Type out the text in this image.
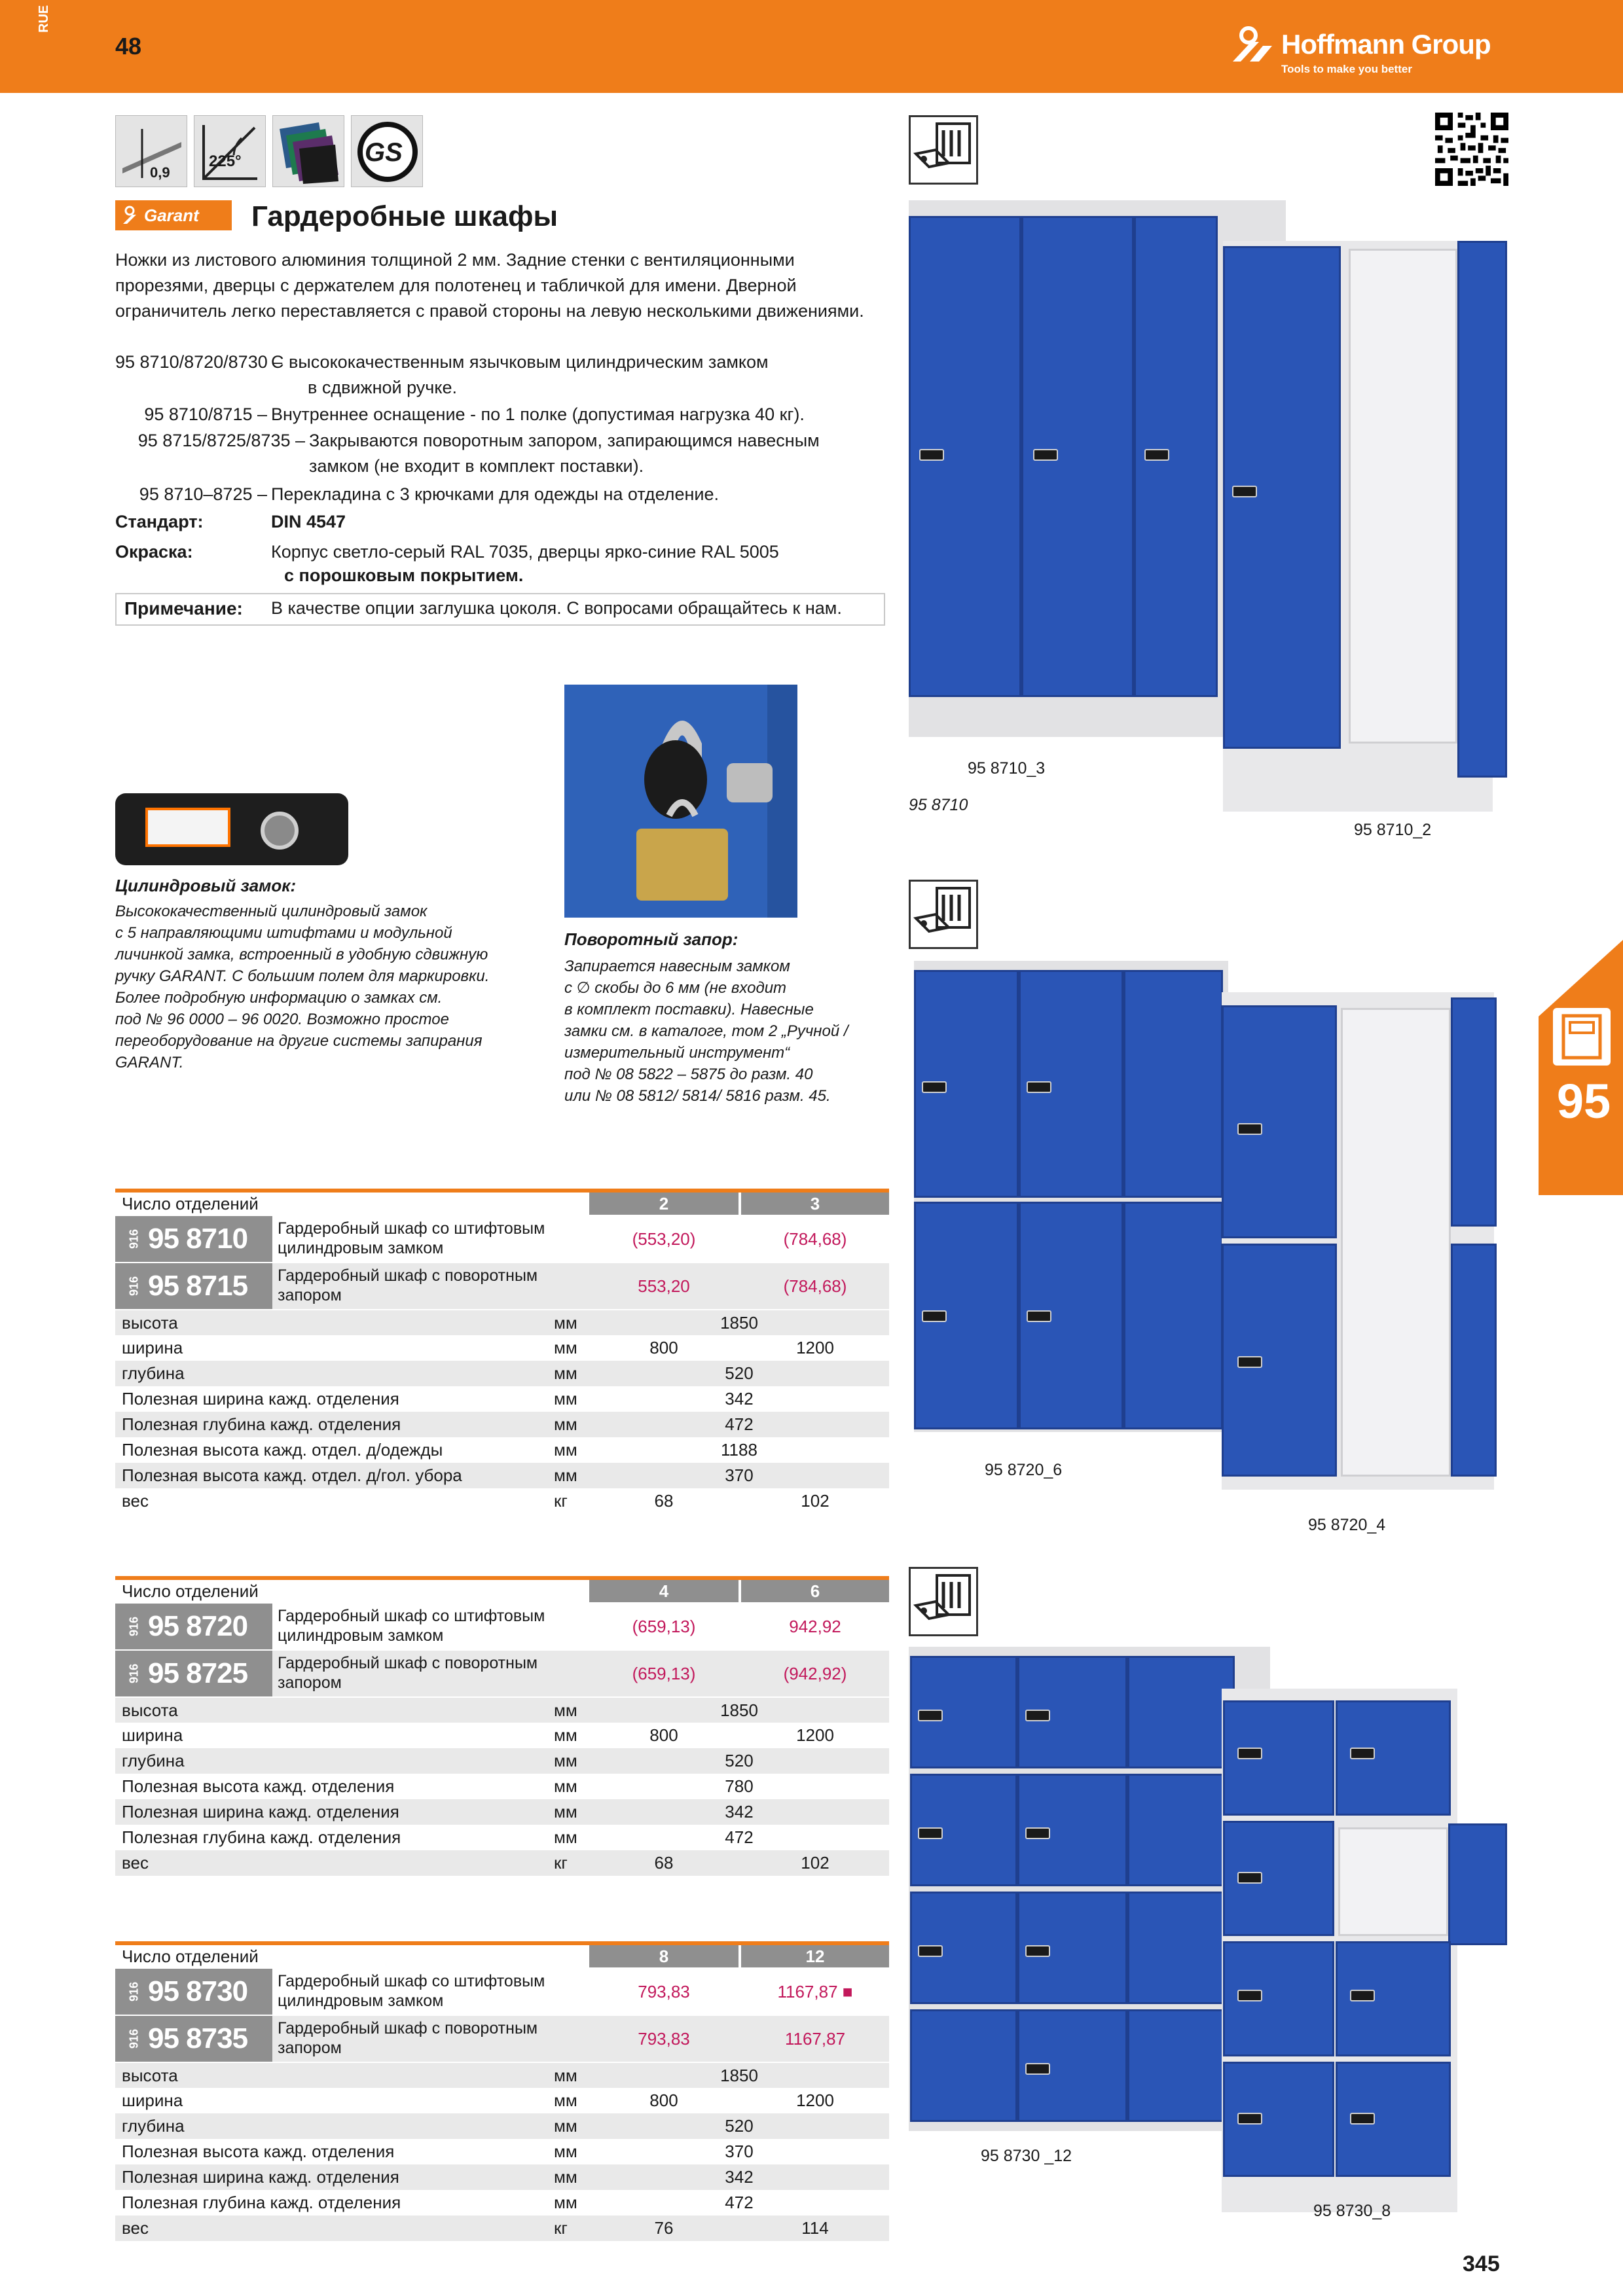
RUE
48	Hoffmann Group
Tools to make you better
0,9
225°	GS
Garant	Гардеробные шкафы
Ножки из листового алюминия толщиной 2 мм. Задние стенки с вентиляционными прорезями, дверцы с держателем для полотенец и табличкой для имени. Дверной ограничитель легко переставляется с правой стороны на левую несколькими движениями.
95 8710/8720/8730 –
С высококачественным язычковым цилиндрическим замком
в сдвижной ручке.
95 8710/8715 – Внутреннее оснащение - по 1 полке (допустимая нагрузка 40 кг).
95 8715/8725/8735 – Закрываются поворотным запором, запирающимся навесным
замком (не входит в комплект поставки).
95 8710–8725 – Перекладина с 3 крючками для одежды на отделение.
Стандарт:	DIN 4547
Окраска:	Корпус светло-серый RAL 7035, дверцы ярко-синие RAL 5005
с порошковым покрытием.
Примечание: В качестве опции заглушка цоколя. С вопросами обращайтесь к нам.
Цилиндровый замок:
Высококачественный цилиндровый замок
с 5 направляющими штифтами и модульной
личинкой замка, встроенный в удобную сдвижную
ручку GARANT. С большим полем для маркировки.
Более подробную информацию о замках см.
под № 96 0000 – 96 0020. Возможно простое
переоборудование на другие системы запирания
GARANT.
Поворотный запор:
Запирается навесным замком
с ∅ скобы до 6 мм (не входит
в комплект поставки). Навесные
замки см. в каталоге, том 2 „Ручной /
измерительный инструмент“
под № 08 5822 – 5875 до разм. 40
или № 08 5812/ 5814/ 5816 разм. 45.
95 8710_3
95 8710
95 8710_2
95 8720_6
95 8720_4
95 8730 _12
95 8730_8
95
Число отделений	2	3
916 95 8710 Гардеробный шкаф со штифтовым
цилиндровым замком	(553,20)	(784,68)
916 95 8715 Гардеробный шкаф с поворотным
запором	553,20	(784,68)
высота	мм	1850
ширина	мм	800	1200
глубина	мм	520
Полезная ширина кажд. отделения	мм	342
Полезная глубина кажд. отделения	мм	472
Полезная высота кажд. отдел. д/одежды	мм	1188
Полезная высота кажд. отдел. д/гол. убора	мм	370
вес	кг	68	102
Число отделений	4	6
916 95 8720 Гардеробный шкаф со штифтовым
цилиндровым замком	(659,13)	942,92
916 95 8725 Гардеробный шкаф с поворотным
запором	(659,13)	(942,92)
высота	мм	1850
ширина	мм	800	1200
глубина	мм	520
Полезная высота кажд. отделения	мм	780
Полезная ширина кажд. отделения	мм	342
Полезная глубина кажд. отделения	мм	472
вес	кг	68	102
Число отделений	8	12
916 95 8730 Гардеробный шкаф со штифтовым
цилиндровым замком	793,83	1167,87
■
916 95 8735 Гардеробный шкаф с поворотным
запором	793,83	1167,87
высота	мм	1850
ширина	мм	800	1200
глубина	мм	520
Полезная высота кажд. отделения	мм	370
Полезная ширина кажд. отделения	мм	342
Полезная глубина кажд. отделения	мм	472
вес	кг	76	114
345
